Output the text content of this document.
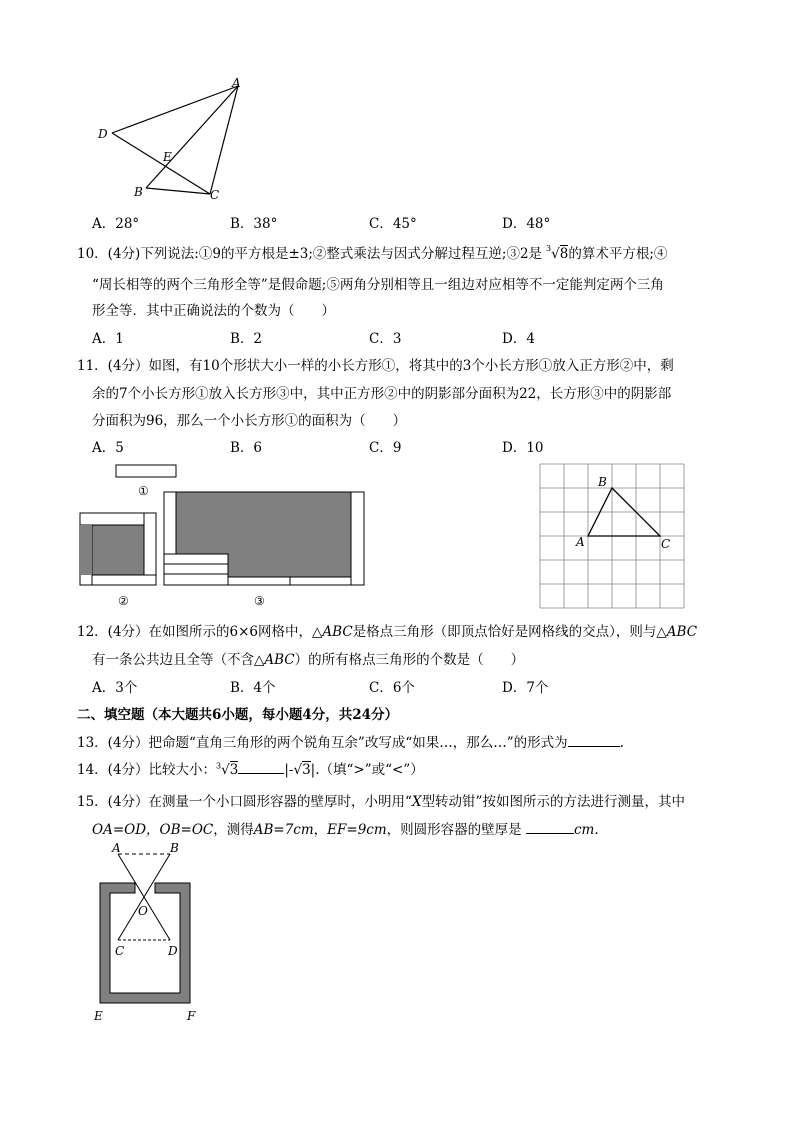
A
D
E
B	C
A．28°	B．38°	C．45°	D．48°
10．(4分)下列说法:①9的平方根是±3;②整式乘法与因式分解过程互逆;③2是 $^3$√8的算术平方根;④
“周长相等的两个三角形全等”是假命题;⑤两角分别相等且一组边对应相等不一定能判定两个三角
形全等．其中正确说法的个数为（　　）
A．1	B．2	C．3	D．4
11．(4分）如图，有10个形状大小一样的小长方形①，将其中的3个小长方形①放入正方形②中，剩
余的7个小长方形①放入长方形③中，其中正方形②中的阴影部分面积为22，长方形③中的阴影部
分面积为96，那么一个小长方形①的面积为（　　）
A．5	B．6	C．9	D．10
①
②	③
B
A	C
12．(4分）在如图所示的6×6网格中，△ABC是格点三角形（即顶点恰好是网格线的交点），则与△ABC
有一条公共边且全等（不含△ABC）的所有格点三角形的个数是（　　）
A．3个	B．4个	C．6个	D．7个
二、填空题（本大题共6小题，每小题4分，共24分）
13．(4分）把命题“直角三角形的两个锐角互余”改写成“如果…，那么…”的形式为	.
14．(4分）比较大小：$^3$√3	|-√3|.（填“>”或“<”）
15．(4分）在测量一个小口圆形容器的壁厚时，小明用“X型转动钳”按如图所示的方法进行测量，其中
OA=OD，OB=OC，测得AB=7cm，EF=9cm，则圆形容器的壁厚是	cm.
A	B
O
C	D
E	F
